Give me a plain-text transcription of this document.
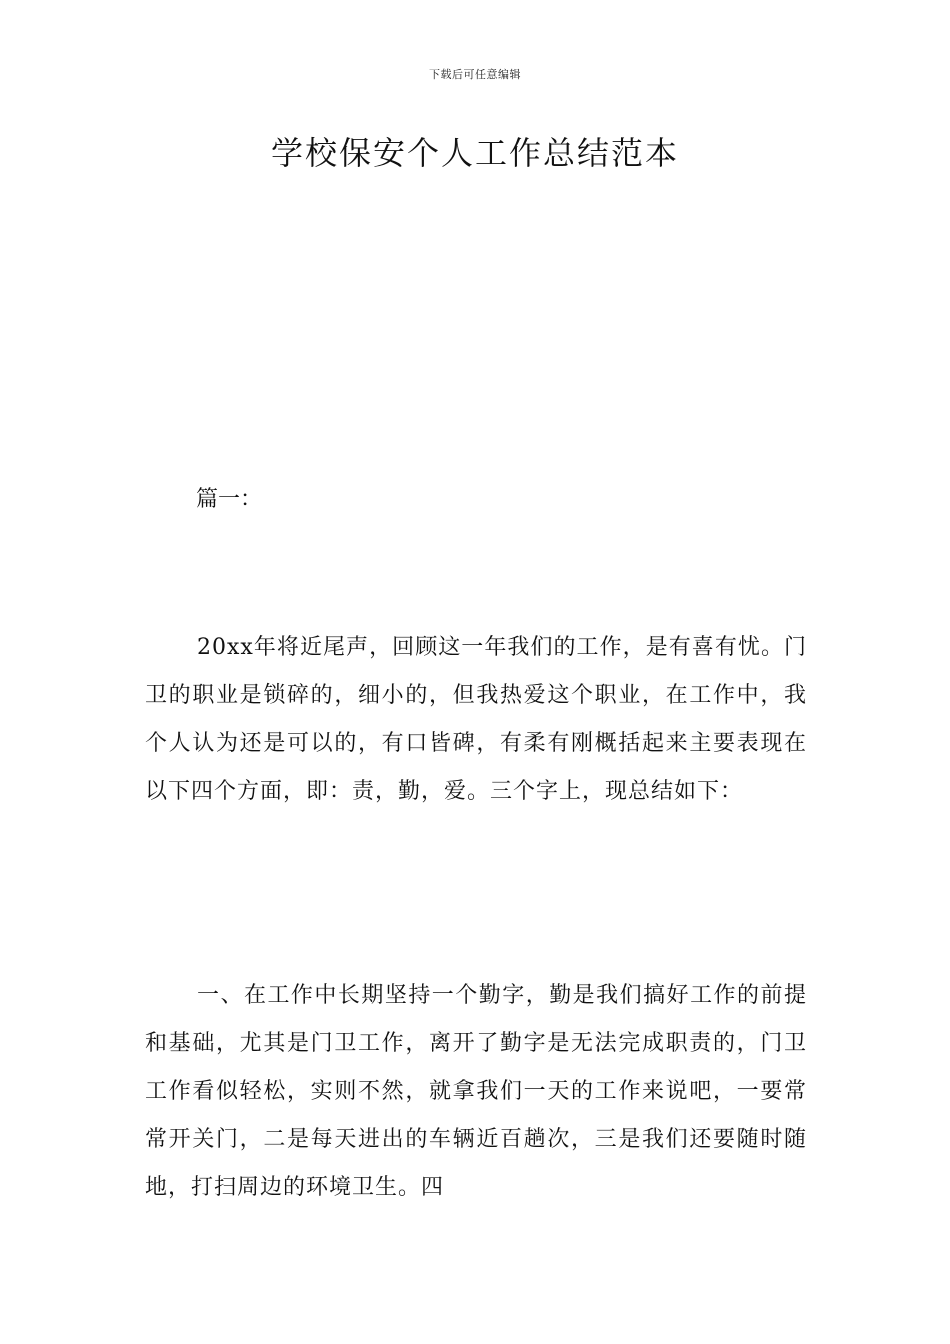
下载后可任意编辑
学校保安个人工作总结范本
篇一：

20xx年将近尾声，回顾这一年我们的工作，是有喜有忧。门卫的职业是锁碎的，细小的，但我热爱这个职业，在工作中，我个人认为还是可以的，有口皆碑，有柔有刚概括起来主要表现在以下四个方面，即：责，勤，爱。三个字上，现总结如下：

一、在工作中长期坚持一个勤字，勤是我们搞好工作的前提和基础，尤其是门卫工作，离开了勤字是无法完成职责的，门卫工作看似轻松，实则不然，就拿我们一天的工作来说吧，一要常常开关门，二是每天进出的车辆近百趟次，三是我们还要随时随地，打扫周边的环境卫生。四
